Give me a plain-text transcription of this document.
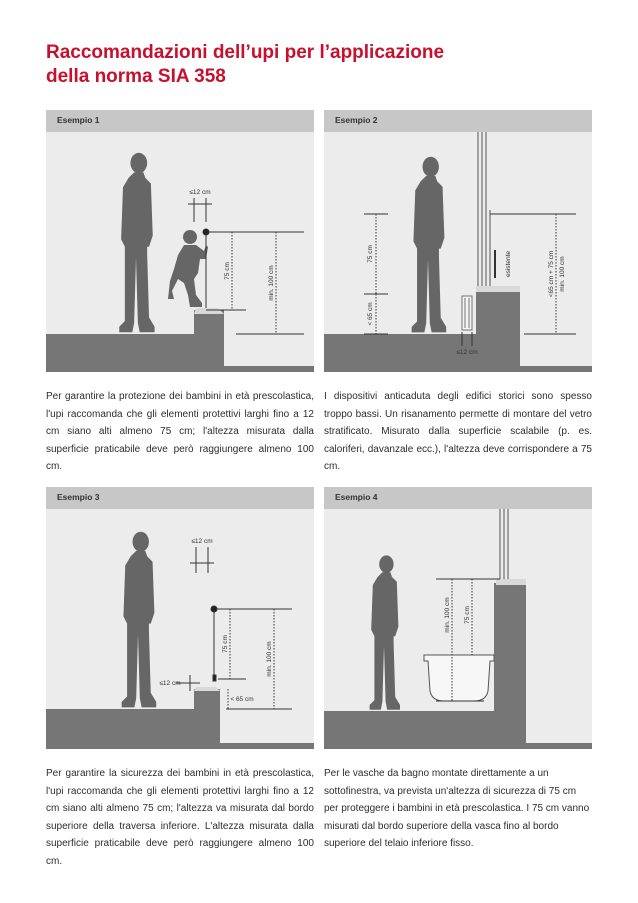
Raccomandazioni dell’upi per l’applicazione
della norma SIA 358
Esempio 1
≤12 cm
75 cm	min. 100 cm

Per garantire la protezione dei bambini in età prescolastica, l'upi raccomanda che gli elementi protettivi larghi fino a 12 cm siano alti almeno 75 cm; l'altezza misurata dalla superficie praticabile deve però raggiungere almeno 100 cm.

Esempio 2
75 cm
< 65 cm
esistente	<65 cm + 75 cm min. 100 cm
≤12 cm

I dispositivi anticaduta degli edifici storici sono spesso troppo bassi. Un risanamento permette di montare del vetro stratificato. Misurato dalla superficie scalabile (p. es. caloriferi, davanzale ecc.), l'altezza deve corrispondere a 75 cm.

Esempio 3
≤12 cm
75 cm	min. 100 cm
≤12 cm
< 65 cm

Per garantire la sicurezza dei bambini in età prescolastica, l'upi raccomanda che gli elementi protettivi larghi fino a 12 cm siano alti almeno 75 cm; l'altezza va misurata dal bordo superiore della traversa inferiore. L'altezza misurata dalla superficie praticabile deve però raggiungere almeno 100 cm.

Esempio 4
min. 100 cm 75 cm

Per le vasche da bagno montate direttamente a un sottofinestra, va prevista un'altezza di sicurezza di 75 cm per proteggere i bambini in età prescolastica. I 75 cm vanno misurati dal bordo superiore della vasca fino al bordo superiore del telaio inferiore fisso.
